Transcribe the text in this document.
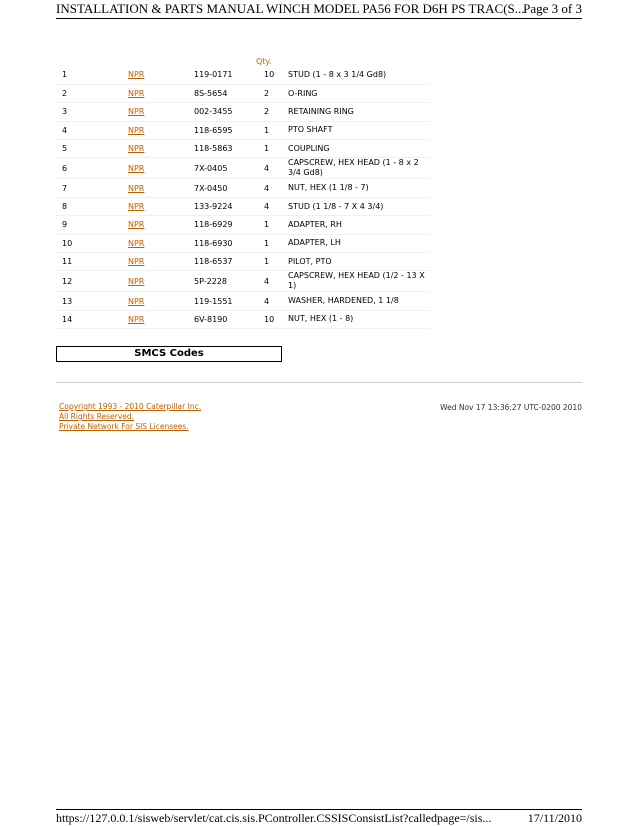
INSTALLATION & PARTS MANUAL WINCH MODEL PA56 FOR D6H PS TRAC(S...
Page 3 of 3
Qty.
1	NPR	119-0171	10	STUD (1 - 8 x 3 1/4 Gd8)
2	NPR	8S-5654	2	O-RING
3	NPR	002-3455	2	RETAINING RING
4	NPR	118-6595	1	PTO SHAFT
5	NPR	118-5863	1	COUPLING
6	NPR	7X-0405	4	CAPSCREW, HEX HEAD (1 - 8 x 2 3/4 Gd8)
7	NPR	7X-0450	4	NUT, HEX (1 1/8 - 7)
8	NPR	133-9224	4	STUD (1 1/8 - 7 X 4 3/4)
9	NPR	118-6929	1	ADAPTER, RH
10	NPR	118-6930	1	ADAPTER, LH
11	NPR	118-6537	1	PILOT, PTO
12	NPR	5P-2228	4	CAPSCREW, HEX HEAD (1/2 - 13 X 1)
13	NPR	119-1551	4	WASHER, HARDENED, 1 1/8
14	NPR	6V-8190	10	NUT, HEX (1 - 8)
SMCS Codes
Copyright 1993 - 2010 Caterpillar Inc.
All Rights Reserved.
Private Network For SIS Licensees.
Wed Nov 17 13:36:27 UTC-0200 2010
https://127.0.0.1/sisweb/servlet/cat.cis.sis.PController.CSSISConsistList?calledpage=/sis...	17/11/2010
